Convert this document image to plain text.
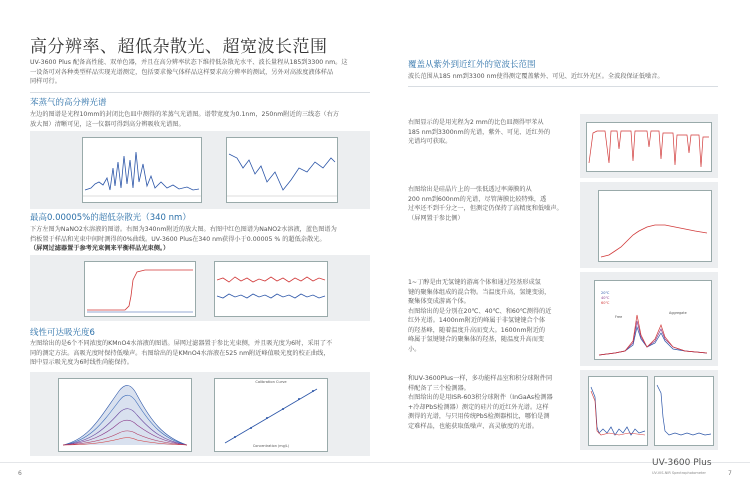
高分辨率、超低杂散光、超宽波长范围

UV-3600 Plus 配备高性能、双单色器，并且在高分辨率状态下维持低杂散光水平、波长量程从185到3300 nm。这

一设备可对各种类型样品实现光谱测定，包括要求像气体样品这样要求高分辨率的测试，另外对高浓度液体样品

同样可行。

苯蒸气的高分辨光谱

左边的图谱是光程10mm的封闭比色皿中测得的苯蒸气光谱图。谱带宽度为0.1nm，250nm附近的三线态（右方

放大图）清晰可见，这一仪器可得到高分辨吸收光谱图。

最高0.00005%的超低杂散光（340 nm）

下方左图为NaNO2水溶液的图谱。右图为340nm附近的放大图。右图中红色图谱为NaNO2水溶液，蓝色图谱为

挡板置于样品和光束中间时测得的0%曲线。UV-3600 Plus在340 nm获得小于0.00005 % 的超低杂散光。

（屏网过滤器置于参考光束侧来平衡样品光束侧。）

线性可达吸光度6

左图给出的是6个不同浓度的KMnO4水溶液的图谱。屏网过滤器置于参比光束侧，并且吸光度为6时，采用了不

同的测定方法。高吸光度时保持低噪声。右图给出的是KMnO4水溶液在525 nm附近峰值吸光度的校正曲线，

图中显示吸光度为6时线性尚能保持。

Calibration Curve
Concentration (mg/L)
覆盖从紫外到近红外的宽波长范围

波长范围从185 nm到3300 nm使得测定覆盖紫外、可见、近红外光区。全波段保证低噪音。

右图显示的是用光程为2 mm的比色皿测得甲苯从

185 nm到3300nm的光谱，紫外、可见、近红外的

光谱均可获取。

右图给出是硅晶片上的一张低透过率薄膜的从

200 nm到600nm的光谱，尽管薄膜比较特殊，透

过率还不到千分之一，但测定仍保持了高精度和低噪声。

（屏网置于参比侧）

1~丁醇是由无氢键的游离个体和通过羟基形成氢

键的聚集体组成的混合物。当温度升高，氢键变弱，

聚集体变成游离个体。

右图给出的是分别在20℃、40℃、和60℃测得的近

红外光谱。1400nm附近的峰属于非氢键键合个体

的羟基峰，随着温度升高而变大。1600nm附近的

峰属于氢键键合的聚集体的羟基，随温度升高而变

小。

20℃
40℃
60℃
Free
Aggregate

和UV-3600Plus一样，多功能样品室和积分球附件同

样配备了三个检测器。

右图给出的是用ISR-603积分球附件（InGaAs检测器

+冷却PbS检测器）测定的硅片的近红外光谱。这样

测得的光谱，与只用传统PbS检测器相比，哪怕是测

定难样品，也能获取低噪声、高灵敏度的光谱。

6
UV-3600 Plus
UV-VIS-NIR Spectrophotometer	7
